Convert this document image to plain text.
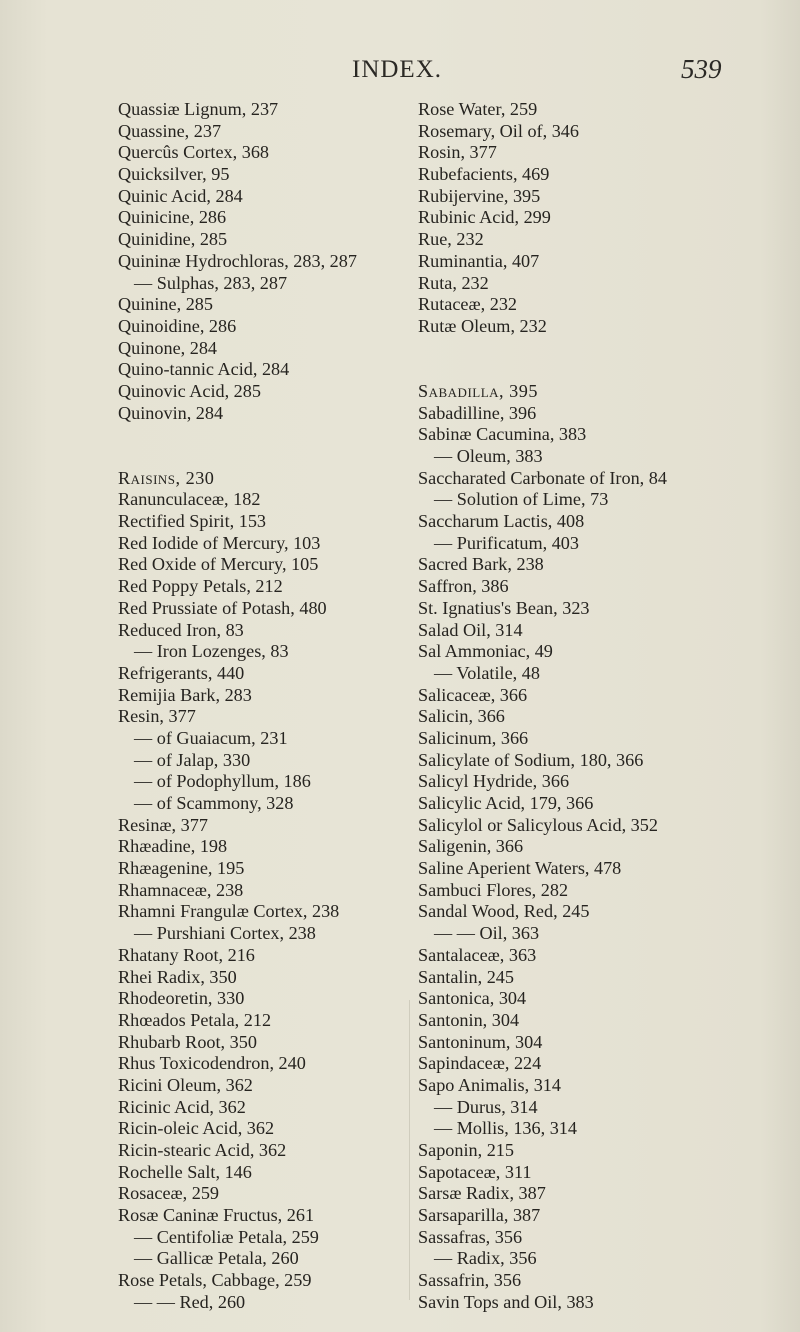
INDEX.	539
Quassiæ Lignum, 237
Quassine, 237
Quercûs Cortex, 368
Quicksilver, 95
Quinic Acid, 284
Quinicine, 286
Quinidine, 285
Quininæ Hydrochloras, 283, 287
— Sulphas, 283, 287
Quinine, 285
Quinoidine, 286
Quinone, 284
Quino-tannic Acid, 284
Quinovic Acid, 285
Quinovin, 284
Raisins, 230
Ranunculaceæ, 182
Rectified Spirit, 153
Red Iodide of Mercury, 103
Red Oxide of Mercury, 105
Red Poppy Petals, 212
Red Prussiate of Potash, 480
Reduced Iron, 83
— Iron Lozenges, 83
Refrigerants, 440
Remijia Bark, 283
Resin, 377
— of Guaiacum, 231
— of Jalap, 330
— of Podophyllum, 186
— of Scammony, 328
Resinæ, 377
Rhæadine, 198
Rhæagenine, 195
Rhamnaceæ, 238
Rhamni Frangulæ Cortex, 238
— Purshiani Cortex, 238
Rhatany Root, 216
Rhei Radix, 350
Rhodeoretin, 330
Rhœados Petala, 212
Rhubarb Root, 350
Rhus Toxicodendron, 240
Ricini Oleum, 362
Ricinic Acid, 362
Ricin-oleic Acid, 362
Ricin-stearic Acid, 362
Rochelle Salt, 146
Rosaceæ, 259
Rosæ Caninæ Fructus, 261
— Centifoliæ Petala, 259
— Gallicæ Petala, 260
Rose Petals, Cabbage, 259
— — Red, 260
Rose Water, 259
Rosemary, Oil of, 346
Rosin, 377
Rubefacients, 469
Rubijervine, 395
Rubinic Acid, 299
Rue, 232
Ruminantia, 407
Ruta, 232
Rutaceæ, 232
Rutæ Oleum, 232
Sabadilla, 395
Sabadilline, 396
Sabinæ Cacumina, 383
— Oleum, 383
Saccharated Carbonate of Iron, 84
— Solution of Lime, 73
Saccharum Lactis, 408
— Purificatum, 403
Sacred Bark, 238
Saffron, 386
St. Ignatius's Bean, 323
Salad Oil, 314
Sal Ammoniac, 49
— Volatile, 48
Salicaceæ, 366
Salicin, 366
Salicinum, 366
Salicylate of Sodium, 180, 366
Salicyl Hydride, 366
Salicylic Acid, 179, 366
Salicylol or Salicylous Acid, 352
Saligenin, 366
Saline Aperient Waters, 478
Sambuci Flores, 282
Sandal Wood, Red, 245
— — Oil, 363
Santalaceæ, 363
Santalin, 245
Santonica, 304
Santonin, 304
Santoninum, 304
Sapindaceæ, 224
Sapo Animalis, 314
— Durus, 314
— Mollis, 136, 314
Saponin, 215
Sapotaceæ, 311
Sarsæ Radix, 387
Sarsaparilla, 387
Sassafras, 356
— Radix, 356
Sassafrin, 356
Savin Tops and Oil, 383
